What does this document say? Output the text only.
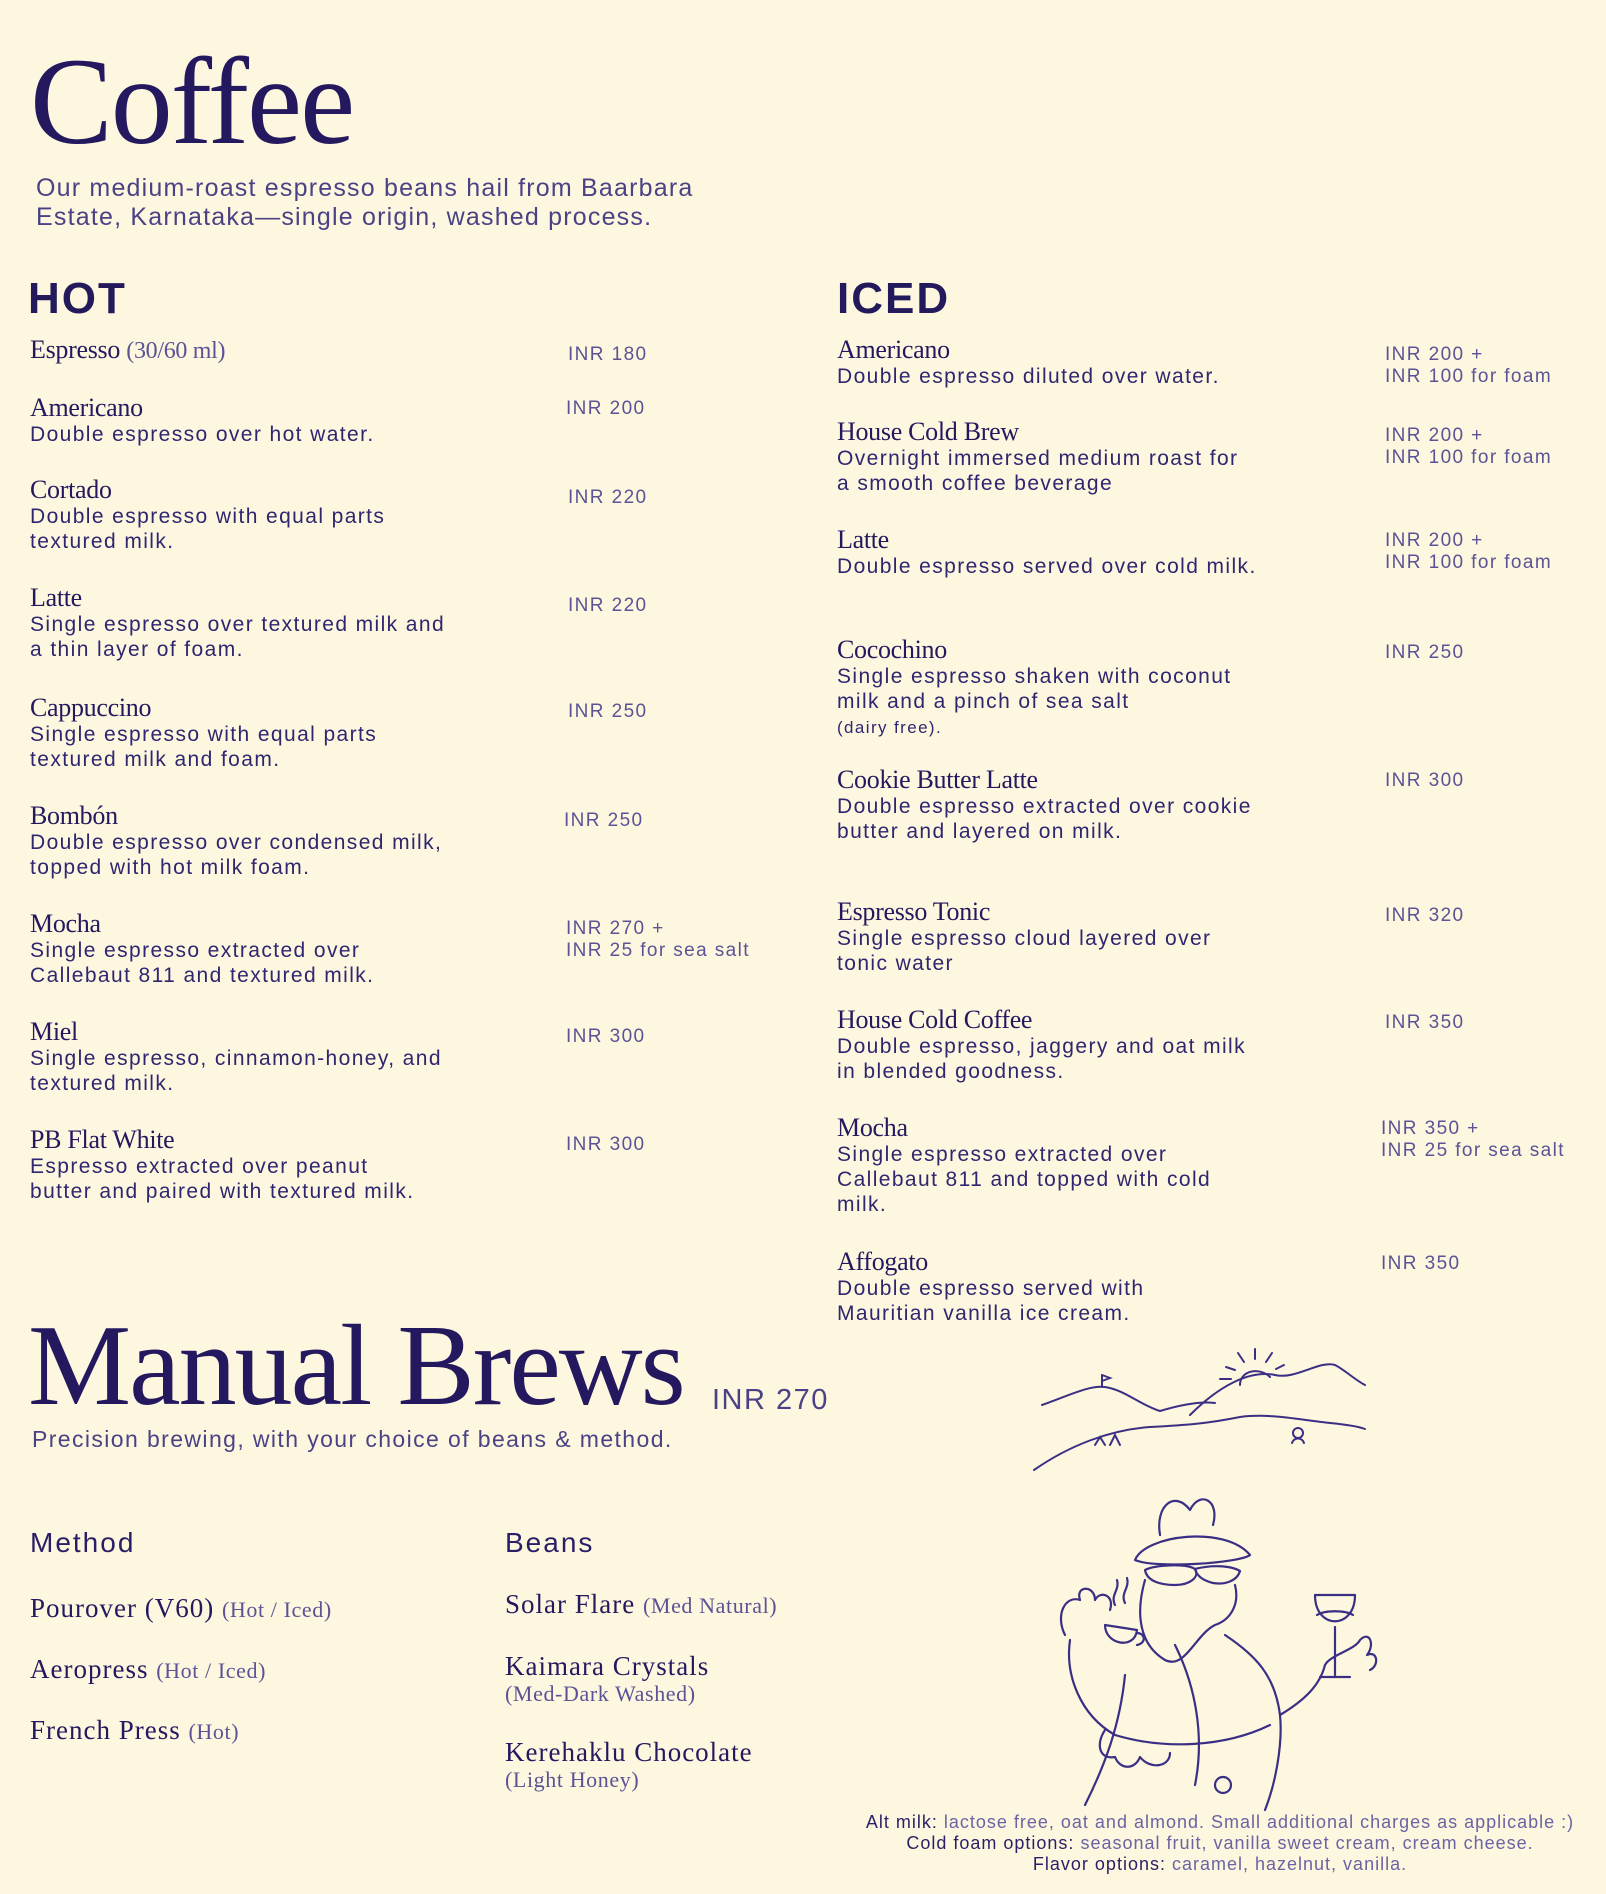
Coffee
Our medium-roast espresso beans hail from Baarbara
Estate, Karnataka—single origin, washed process.
HOT	ICED
Espresso (30/60 ml)	INR 180
Americano
Double espresso over hot water.
INR 200
Cortado
Double espresso with equal parts textured milk.
INR 220
Latte
Single espresso over textured milk and a thin layer of foam.
INR 220
Cappuccino
Single espresso with equal parts textured milk and foam.
INR 250
Bombón
Double espresso over condensed milk, topped with hot milk foam.
INR 250
Mocha
Single espresso extracted over Callebaut 811 and textured milk.
INR 270 +
INR 25 for sea salt
Miel
Single espresso, cinnamon-honey, and textured milk.
INR 300
PB Flat White
Espresso extracted over peanut butter and paired with textured milk.
INR 300
Americano
Double espresso diluted over water.
INR 200 +
INR 100 for foam
House Cold Brew
Overnight immersed medium roast for a smooth coffee beverage
INR 200 +
INR 100 for foam
Latte
Double espresso served over cold milk.
INR 200 +
INR 100 for foam
Cocochino
Single espresso shaken with coconut milk and a pinch of sea salt
(dairy free).
INR 250
Cookie Butter Latte
Double espresso extracted over cookie butter and layered on milk.
INR 300
Espresso Tonic
Single espresso cloud layered over tonic water
INR 320
House Cold Coffee
Double espresso, jaggery and oat milk in blended goodness.
INR 350
Mocha
Single espresso extracted over Callebaut 811 and topped with cold milk.
INR 350 +
INR 25 for sea salt
Affogato
Double espresso served with Mauritian vanilla ice cream.
INR 350
Manual Brews INR 270
Precision brewing, with your choice of beans & method.
Method	Beans
Pourover (V60) (Hot / Iced)
Aeropress (Hot / Iced)
French Press (Hot)
Solar Flare (Med Natural)
Kaimara Crystals
(Med-Dark Washed)
Kerehaklu Chocolate
(Light Honey)
Alt milk: lactose free, oat and almond. Small additional charges as applicable :)
Cold foam options: seasonal fruit, vanilla sweet cream, cream cheese.
Flavor options: caramel, hazelnut, vanilla.
